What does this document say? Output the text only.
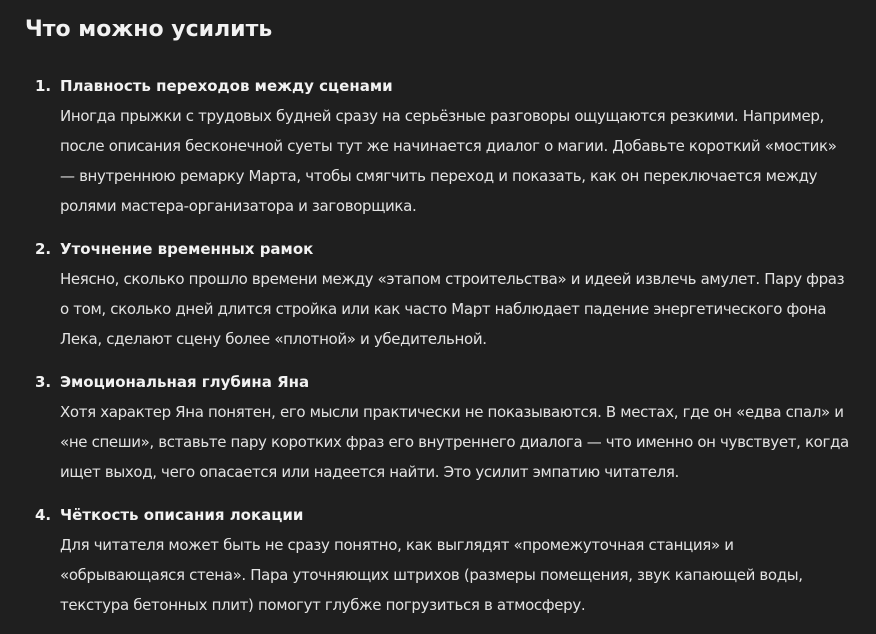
Что можно усилить
1. Плавность переходов между сценами

Иногда прыжки с трудовых будней сразу на серьёзные разговоры ощущаются резкими. Например, после описания бесконечной суеты тут же начинается диалог о магии. Добавьте короткий «мостик» — внутреннюю ремарку Марта, чтобы смягчить переход и показать, как он переключается между ролями мастера-организатора и заговорщика.

2. Уточнение временных рамок

Неясно, сколько прошло времени между «этапом строительства» и идеей извлечь амулет. Пару фраз о том, сколько дней длится стройка или как часто Март наблюдает падение энергетического фона Лека, сделают сцену более «плотной» и убедительной.

3. Эмоциональная глубина Яна

Хотя характер Яна понятен, его мысли практически не показываются. В местах, где он «едва спал» и «не спеши», вставьте пару коротких фраз его внутреннего диалога — что именно он чувствует, когда ищет выход, чего опасается или надеется найти. Это усилит эмпатию читателя.

4. Чёткость описания локации

Для читателя может быть не сразу понятно, как выглядят «промежуточная станция» и «обрывающаяся стена». Пара уточняющих штрихов (размеры помещения, звук капающей воды, текстура бетонных плит) помогут глубже погрузиться в атмосферу.
